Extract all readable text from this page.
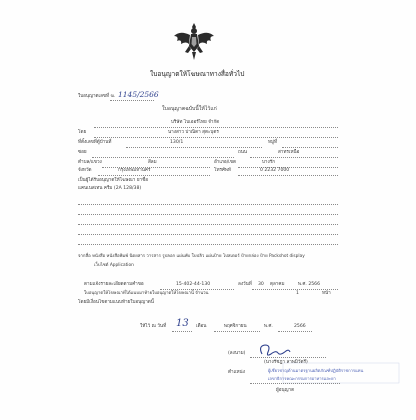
ใบอนุญาตให้โฆษณาทางสื่อทั่วไป
ใบอนุญาตเลขที่ ฆ. 1145/2566
ใบอนุญาตฉบับนี้ให้ไว้แก่
บริษัท ไบเออร์ไทย จำกัด
โดย	นางสาว ปาณิดา สุตะบุตร
ที่ตั้งเลขที่ตู้บ้านที่	130/1	หมู่ที่
ซอย	ถนน	สาทรเหนือ
ตำบล/แขวง	สีลม	อำเภอ/เขต	บางรัก
จังหวัด	กรุงเทพมหานคร	โทรศัพท์	0 2232 7000
เป็นผู้ได้รับอนุญาตให้โฆษณา ยาชื่อ
แคนเนสเทน ครีม (2A 128/38)
จากสื่อ หนังสือ หนังสือพิมพ์ นิตยสาร วารสาร รูปลอก แผ่นพับ ใบปลิว แผ่นป้าย โปสเตอร์ ป้ายกล่อง ป้าย Packshot display
เว็บไซต์ Application
ตามแจ้งรายละเอียดตามคำขอ	15-402-44-130	ลงวันที่ 30 ตุลาคม	พ.ศ. 2566
ใบอนุญาตให้โฆษณาที่ได้แนบมาท้ายใบอนุญาตให้โฆษณานี้ จำนวน	1	หน้า
โดยมีเงื่อนไขตามแนบท้ายใบอนุญาตนี้
ให้ไว้ ณ วันที่ 13 เดือน	พฤศจิกายน	พ.ศ.	2566
(ลงนาม)
(นางรัชฎา ลาพมิวัตรี)
ตำแหน่ง	ผู้เชี่ยวชาญด้านมาตรฐานผลิตภัณฑ์ปฏิบัติราชการแทน
เลขาธิการคณะกรรมการอาหารและยา
ผู้อนุญาต
